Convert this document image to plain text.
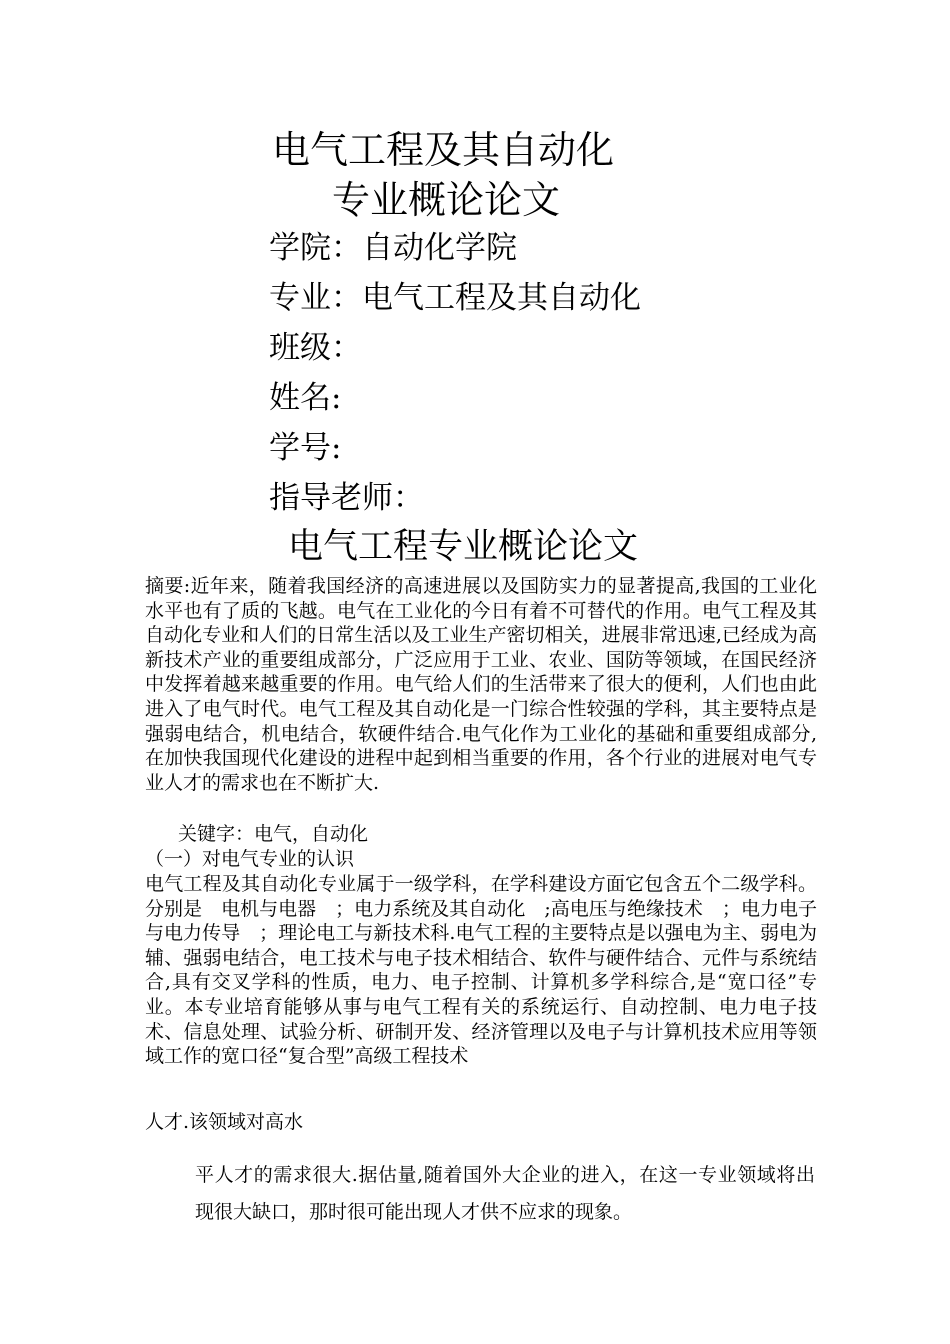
电气工程及其自动化
专业概论论文
学院：自动化学院
专业：电气工程及其自动化
班级：
姓名:
学号:
指导老师：
电气工程专业概论论文
摘要:近年来，随着我国经济的高速进展以及国防实力的显著提高,我国的工业化水平也有了质的飞越。电气在工业化的今日有着不可替代的作用。电气工程及其自动化专业和人们的日常生活以及工业生产密切相关，进展非常迅速,已经成为高新技术产业的重要组成部分，广泛应用于工业、农业、国防等领域，在国民经济中发挥着越来越重要的作用。电气给人们的生活带来了很大的便利，人们也由此进入了电气时代。电气工程及其自动化是一门综合性较强的学科，其主要特点是强弱电结合，机电结合，软硬件结合.电气化作为工业化的基础和重要组成部分,在加快我国现代化建设的进程中起到相当重要的作用，各个行业的进展对电气专业人才的需求也在不断扩大.
关键字：电气，自动化
（一）对电气专业的认识
电气工程及其自动化专业属于一级学科，在学科建设方面它包含五个二级学科。分别是　电机与电器　；电力系统及其自动化　;高电压与绝缘技术　；电力电子与电力传导　；理论电工与新技术科.电气工程的主要特点是以强电为主、弱电为辅、强弱电结合，电工技术与电子技术相结合、软件与硬件结合、元件与系统结合,具有交叉学科的性质，电力、电子控制、计算机多学科综合,是“宽口径”专业。本专业培育能够从事与电气工程有关的系统运行、自动控制、电力电子技术、信息处理、试验分析、研制开发、经济管理以及电子与计算机技术应用等领域工作的宽口径“复合型”高级工程技术
人才.该领域对高水
平人才的需求很大.据估量,随着国外大企业的进入，在这一专业领域将出现很大缺口，那时很可能出现人才供不应求的现象。
